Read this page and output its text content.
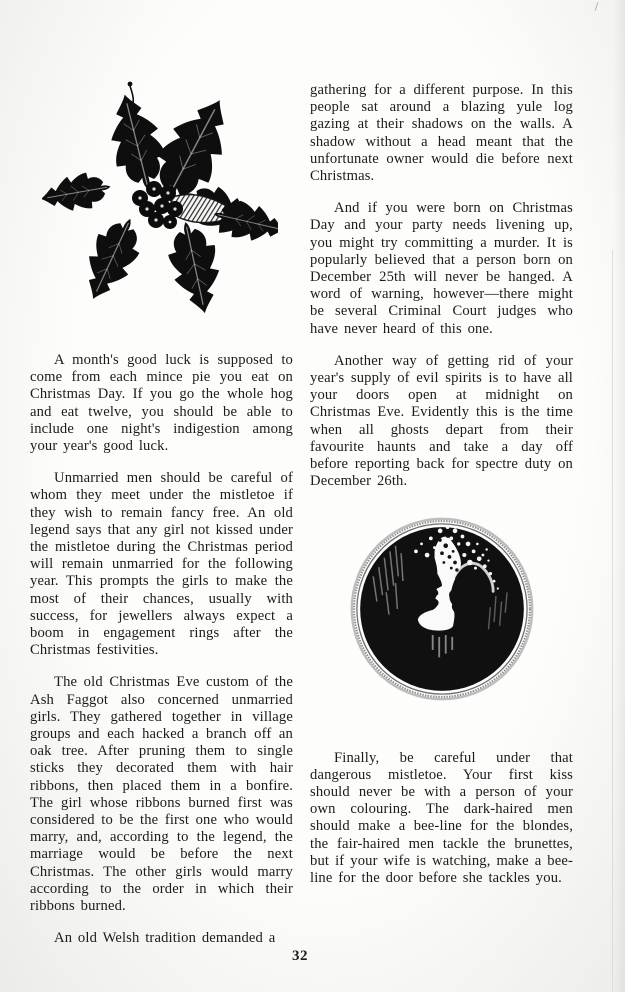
A month's good luck is supposed to come from each mince pie you eat on Christmas Day. If you go the whole hog and eat twelve, you should be able to include one night's indigestion among your year's good luck.

Unmarried men should be careful of whom they meet under the mistletoe if they wish to remain fancy free. An old legend says that any girl not kissed under the mistletoe during the Christmas period will remain unmarried for the following year. This prompts the girls to make the most of their chances, usually with success, for jewellers always expect a boom in engagement rings after the Christmas festivities.

The old Christmas Eve custom of the Ash Faggot also concerned unmarried girls. They gathered together in village groups and each hacked a branch off an oak tree. After pruning them to single sticks they decorated them with hair ribbons, then placed them in a bonfire. The girl whose ribbons burned first was considered to be the first one who would marry, and, according to the legend, the marriage would be before the next Christmas. The other girls would marry according to the order in which their ribbons burned.

An old Welsh tradition demanded a

gathering for a different purpose. In this people sat around a blazing yule log gazing at their shadows on the walls. A shadow without a head meant that the unfortunate owner would die before next Christmas.

And if you were born on Christmas Day and your party needs livening up, you might try committing a murder. It is popularly believed that a person born on December 25th will never be hanged. A word of warning, however—there might be several Criminal Court judges who have never heard of this one.

Another way of getting rid of your year's supply of evil spirits is to have all your doors open at midnight on Christmas Eve. Evidently this is the time when all ghosts depart from their favourite haunts and take a day off before reporting back for spectre duty on December 26th.

Finally, be careful under that dangerous mistletoe. Your first kiss should never be with a person of your own colouring. The dark-haired men should make a bee-line for the blondes, the fair-haired men tackle the brunettes, but if your wife is watching, make a bee-line for the door before she tackles you.

32
